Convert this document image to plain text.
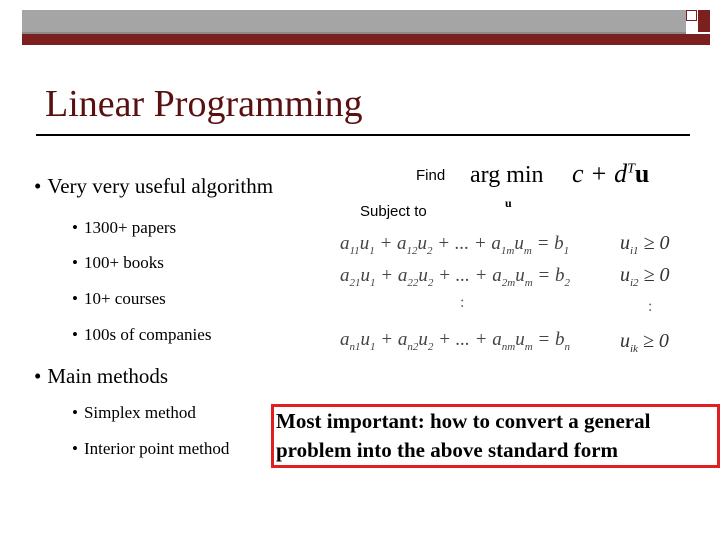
Linear Programming
• Very very useful algorithm
• 1300+ papers
• 100+ books
• 10+ courses
• 100s of companies
• Main methods
• Simplex method
• Interior point method
Find
Subject to
arg min
u
$c + d^Tu$
$a_{11}u_1 + a_{12}u_2$ + ... + $a_{1m}u_m = b_1$
$a_{21}u_1 + a_{22}u_2$ + ... + $a_{2m}u_m = b_2$
:
$a_{n1}u_1 + a_{n2}u_2$ + ... + $a_{nm}u_m = b_n$
$u_{i1} \ge 0$
$u_{i2} \ge 0$
:
$u_{ik} \ge 0$
Most important: how to convert a general
problem into the above standard form
